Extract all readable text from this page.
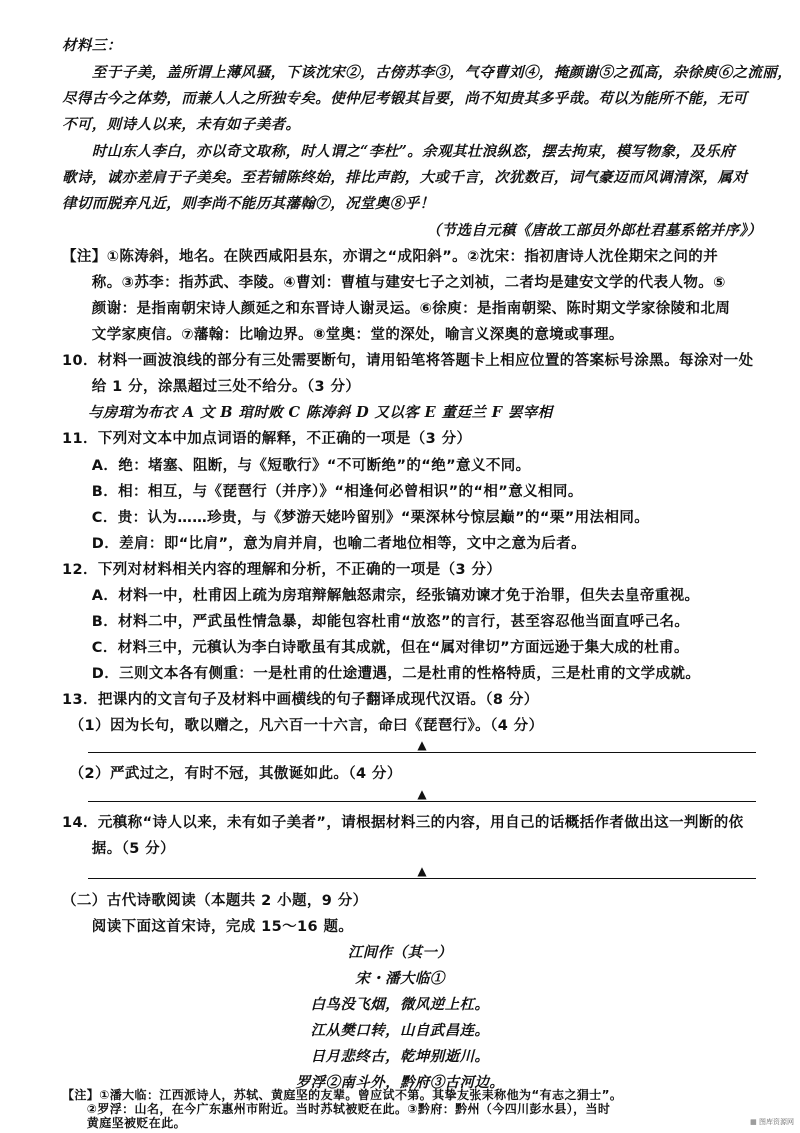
材料三：
　　至于子美，盖所谓上薄风骚，下该沈宋②，古傍苏李③，气夺曹刘④，掩颜谢⑤之孤高，杂徐庾⑥之流丽，
尽得古今之体势，而兼人人之所独专矣。使仲尼考锻其旨要，尚不知贵其多乎哉。苟以为能所不能，无可
不可，则诗人以来，未有如子美者。
　　时山东人李白，亦以奇文取称，时人谓之“李杜”。余观其壮浪纵恣，摆去拘束，模写物象，及乐府
歌诗，诚亦差肩于子美矣。至若铺陈终始，排比声韵，大或千言，次犹数百，词气豪迈而风调清深，属对
律切而脱弃凡近，则李尚不能历其藩翰⑦，况堂奥⑧乎！
（节选自元稹《唐故工部员外郎杜君墓系铭并序》）
【注】①陈涛斜，地名。在陕西咸阳县东，亦谓之“成阳斜”。②沈宋：指初唐诗人沈佺期宋之问的并
　　称。③苏李：指苏武、李陵。④曹刘：曹植与建安七子之刘祯，二者均是建安文学的代表人物。⑤
　　颜谢：是指南朝宋诗人颜延之和东晋诗人谢灵运。⑥徐庾：是指南朝梁、陈时期文学家徐陵和北周
　　文学家庾信。⑦藩翰：比喻边界。⑧堂奥：堂的深处，喻言义深奥的意境或事理。
10．材料一画波浪线的部分有三处需要断句，请用铅笔将答题卡上相应位置的答案标号涂黑。每涂对一处
　　给 1 分，涂黑超过三处不给分。（3 分）
与房琯为布衣 A 文 B 琯时败 C 陈涛斜 D 又以客 E 董廷兰 F 罢宰相
11．下列对文本中加点词语的解释，不正确的一项是（3 分）
　　A．绝：堵塞、阻断，与《短歌行》“不可断绝”的“绝”意义不同。
　　B．相：相互，与《琵琶行（并序）》“相逢何必曾相识”的“相”意义相同。
　　C．贵：认为……珍贵，与《梦游天姥吟留别》“栗深林兮惊层巅”的“栗”用法相同。
　　D．差肩：即“比肩”，意为肩并肩，也喻二者地位相等，文中之意为后者。
12．下列对材料相关内容的理解和分析，不正确的一项是（3 分）
　　A．材料一中，杜甫因上疏为房琯辩解触怒肃宗，经张镐劝谏才免于治罪，但失去皇帝重视。
　　B．材料二中，严武虽性情急暴，却能包容杜甫“放恣”的言行，甚至容忍他当面直呼己名。
　　C．材料三中，元稹认为李白诗歌虽有其成就，但在“属对律切”方面远逊于集大成的杜甫。
　　D．三则文本各有侧重：一是杜甫的仕途遭遇，二是杜甫的性格特质，三是杜甫的文学成就。
13．把课内的文言句子及材料中画横线的句子翻译成现代汉语。（8 分）
　（1）因为长句，歌以赠之，凡六百一十六言，命曰《琵琶行》。（4 分）
▲
　（2）严武过之，有时不冠，其傲诞如此。（4 分）
▲
14．元稹称“诗人以来，未有如子美者”，请根据材料三的内容，用自己的话概括作者做出这一判断的依
　　据。（5 分）
▲
（二）古代诗歌阅读（本题共 2 小题，9 分）
　　阅读下面这首宋诗，完成 15～16 题。
江间作（其一）
宋・潘大临①
白鸟没飞烟，微风逆上杠。
江从樊口转，山自武昌连。
日月悲终古，乾坤别逝川。
罗浮②南斗外，黔府③古河边。
【注】①潘大临：江西派诗人，苏轼、黄庭坚的友辈。曾应试不第。其挚友张耒称他为“有志之狷士”。
　　②罗浮：山名，在今广东惠州市附近。当时苏轼被贬在此。③黔府：黔州（今四川彭水县），当时
　　黄庭坚被贬在此。	▦ 图库资源网
